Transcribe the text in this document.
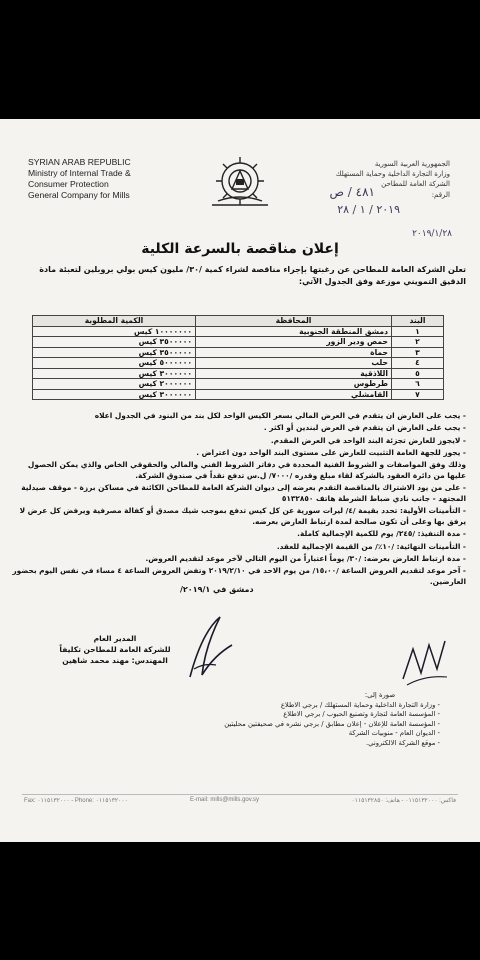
SYRIAN ARAB REPUBLIC
Ministry of Internal Trade &
Consumer Protection
General Company for Mills
الجمهورية العربية السورية
وزارة التجارة الداخلية وحماية المستهلك
الشركة العامة للمطاحن
الرقم:
٤٨١ / ص
٢٠١٩ / ١ / ٢٨
٢٠١٩/١/٢٨
إعلان مناقصة بالسرعة الكلية
تعلن الشركة العامة للمطاحن عن رغبتها بإجراء مناقصة لشراء كمية /٣٠/ مليون كيس بولي بروبلين لتعبئة مادة الدقيق التمويني موزعة وفق الجدول الآتي:
البند	المحافظة	الكمية المطلوبة
١	دمشق المنطقة الجنوبية	١٠٠٠٠٠٠٠ كيس
٢	حمص ودير الزور	٣٥٠٠٠٠٠ كيس
٣	حماة	٣٥٠٠٠٠٠ كيس
٤	حلب	٥٠٠٠٠٠٠ كيس
٥	اللاذقية	٣٠٠٠٠٠٠ كيس
٦	طرطوس	٢٠٠٠٠٠٠ كيس
٧	القامشلي	٣٠٠٠٠٠٠ كيس

- يجب على العارض ان يتقدم في العرض المالي بسعر الكيس الواحد لكل بند من البنود في الجدول اعلاه

- يجب على العارض ان يتقدم في العرض لبندين أو اكثر .

- لايجوز للعارض تجزئة البند الواحد في العرض المقدم.

- يجوز للجهة العامة التثبيت للعارض على مستوى البند الواحد دون اعتراض .

وذلك وفق المواصفات و الشروط الفنية المحددة في دفاتر الشروط الفني والمالي والحقوقي الخاص والذي يمكن الحصول عليها من دائرة العقود بالشركة لقاء مبلغ وقدره /٧٠٠٠/ ل.س تدفع نقداً في صندوق الشركة.

- على من يود الاشتراك بالمناقصة التقدم بعرضه إلى ديوان الشركة العامة للمطاحن الكائنة في مساكن برزة - موقف صيدلية المجتهد - جانب نادي ضباط الشرطة هاتف ٥١٣٢٨٥٠

- التأمينات الأولية: تحدد بقيمة /٤/ ليرات سورية عن كل كيس تدفع بموجب شيك مصدق أو كفالة مصرفية ويرفض كل عرض لا يرفق بها وعلى أن تكون صالحة لمدة ارتباط العارض بعرضه.

- مدة التنفيذ: /٢٤٥/ يوم للكمية الإجمالية كاملة.

- التأمينات النهائية: /١٠٪/ من القيمة الإجمالية للعقد.

- مدة ارتباط العارض بعرضه: /٣٠/ يوماً اعتباراً من اليوم التالي لآخر موعد لتقديم العروض.

- آخر موعد لتقديم العروض الساعة /١٥،٠٠/ من يوم الاحد في ٢٠١٩/٢/١٠ وتفض العروض الساعة ٤ مساء في نفس اليوم بحضور العارضين.

دمشق في ٢٠١٩/١/
المدير العام
للشركة العامة للمطاحن تكليفاً
المهندس: مهند محمد شاهين
صورة إلى:
- وزارة التجارة الداخلية وحماية المستهلك / برجي الاطلاع
- المؤسسة العامة لتجارة وتصنيع الحبوب / برجي الاطلاع
- المؤسسة العامة للإعلان - إعلان مطابق / برجي نشره في صحيفتين محليتين
- الديوان العام - منوبيات الشركة
- موقع الشركة الالكتروني.
Fax: ٠١١٥١٣٢٠٠٠ - Phone: ٠١١٥١٣٢٠٠٠	E-mail: mills@mills.gov.sy	فاكس: ٠١١٥١٣٢٠٠٠ - هاتف: ٠١١٥١٣٢٨٥٠
